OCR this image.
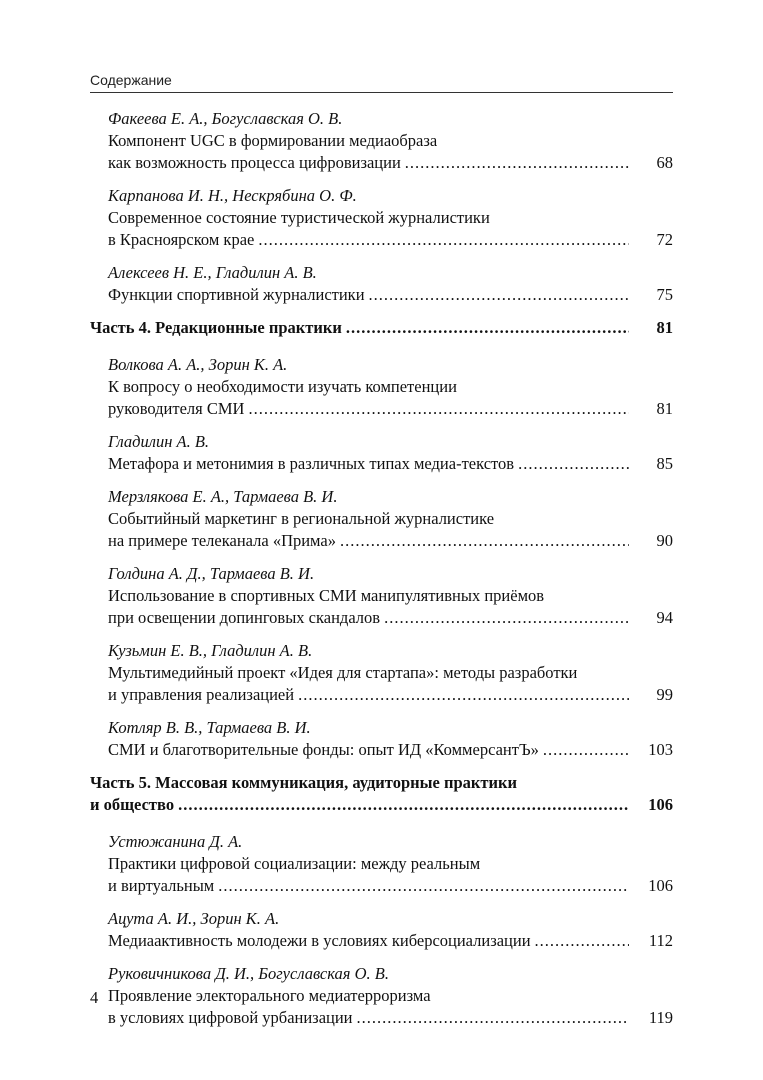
Содержание
Факеева Е. А., Богуславская О. В.
Компонент UGC в формировании медиаобраза
как возможность процесса цифровизации .....	68
Карпанова И. Н., Нескрябина О. Ф.
Современное состояние туристической журналистики
в Красноярском крае .....	72
Алексеев Н. Е., Гладилин А. В.
Функции спортивной журналистики .....	75
Часть 4. Редакционные практики .....	81
Волкова А. А., Зорин К. А.
К вопросу о необходимости изучать компетенции
руководителя СМИ .....	81
Гладилин А. В.
Метафора и метонимия в различных типах медиа-текстов .....	85
Мерзлякова Е. А., Тармаева В. И.
Событийный маркетинг в региональной журналистике
на примере телеканала «Прима» .....	90
Голдина А. Д., Тармаева В. И.
Использование в спортивных СМИ манипулятивных приёмов
при освещении допинговых скандалов .....	94
Кузьмин Е. В., Гладилин А. В.
Мультимедийный проект «Идея для стартапа»: методы разработки
и управления реализацией .....	99
Котляр В. В., Тармаева В. И.
СМИ и благотворительные фонды: опыт ИД «КоммерсантЪ» .....	103
Часть 5. Массовая коммуникация, аудиторные практики
и общество .....	106
Устюжанина Д. А.
Практики цифровой социализации: между реальным
и виртуальным .....	106
Ацута А. И., Зорин К. А.
Медиаактивность молодежи в условиях киберсоциализации .....	112
Руковичникова Д. И., Богуславская О. В.
Проявление электорального медиатерроризма
в условиях цифровой урбанизации .....	119
4
